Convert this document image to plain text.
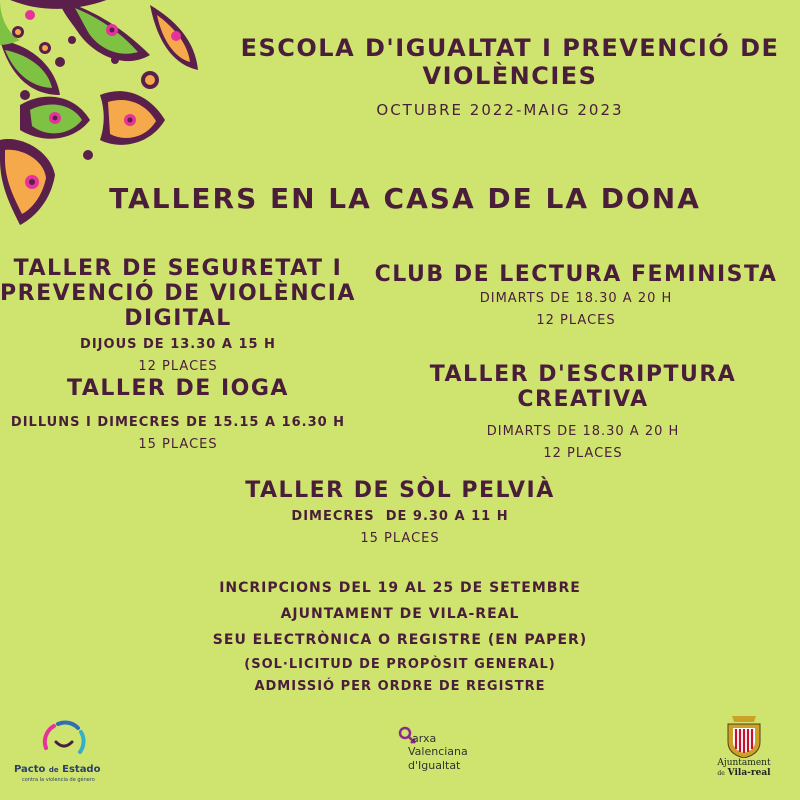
ESCOLA D'IGUALTAT I PREVENCIÓ DE VIOLÈNCIES
OCTUBRE 2022-MAIG 2023
TALLERS EN LA CASA DE LA DONA
TALLER DE SEGURETAT I PREVENCIÓ DE VIOLÈNCIA DIGITAL
DIJOUS DE 13.30 A 15 H
12 PLACES
TALLER DE IOGA
DILLUNS I DIMECRES DE 15.15 A 16.30 H
15 PLACES
CLUB DE LECTURA FEMINISTA
DIMARTS DE 18.30 A 20 H
12 PLACES
TALLER D'ESCRIPTURA CREATIVA
DIMARTS DE 18.30 A 20 H
12 PLACES
TALLER DE SÒL PELVIÀ
DIMECRES  DE 9.30 A 11 H
15 PLACES
INCRIPCIONS DEL 19 AL 25 DE SETEMBRE
AJUNTAMENT DE VILA-REAL
SEU ELECTRÒNICA O REGISTRE (EN PAPER)
(SOL·LICITUD DE PROPÒSIT GENERAL)
ADMISSIÓ PER ORDRE DE REGISTRE
Pacto de Estado
contra la violencia de género
arxa
Valenciana
d'Igualtat	Ajuntament
de Vila-real
